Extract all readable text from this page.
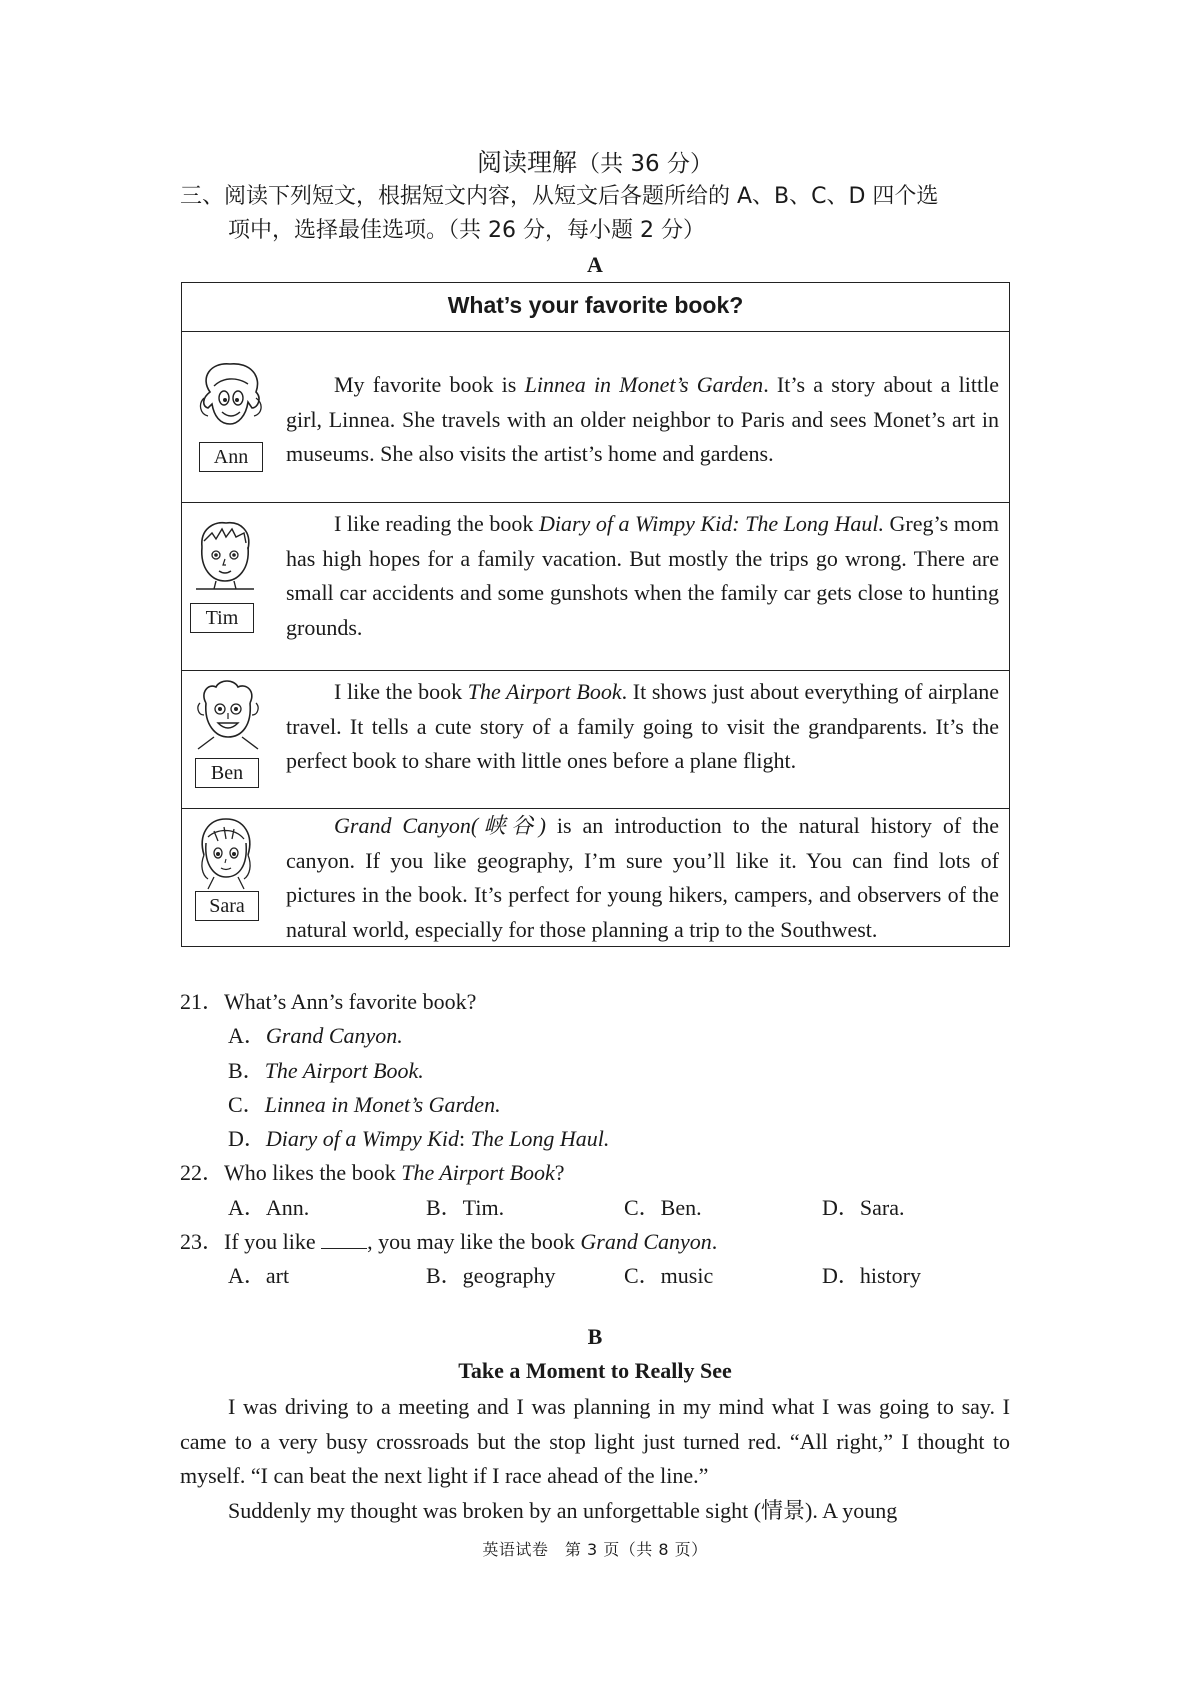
阅读理解（共 36 分）
三、阅读下列短文，根据短文内容，从短文后各题所给的 A、B、C、D 四个选
项中，选择最佳选项。（共 26 分，每小题 2 分）
A
What’s your favorite book?

Ann

My favorite book is Linnea in Monet’s Garden. It’s a story about a little girl, Linnea. She travels with an older neighbor to Paris and sees Monet’s art in museums. She also visits the artist’s home and gardens.

Tim

I like reading the book Diary of a Wimpy Kid: The Long Haul. Greg’s mom has high hopes for a family vacation. But mostly the trips go wrong. There are small car accidents and some gunshots when the family car gets close to hunting grounds.

Ben

I like the book The Airport Book. It shows just about everything of airplane travel. It tells a cute story of a family going to visit the grandparents. It’s the perfect book to share with little ones before a plane flight.

Sara

Grand Canyon(峡谷) is an introduction to the natural history of the canyon. If you like geography, I’m sure you’ll like it. You can find lots of pictures in the book. It’s perfect for young hikers, campers, and observers of the natural world, especially for those planning a trip to the Southwest.

21．What’s Ann’s favorite book?
A．Grand Canyon.
B．The Airport Book.
C．Linnea in Monet’s Garden.
D．Diary of a Wimpy Kid: The Long Haul.
22．Who likes the book The Airport Book?
A．Ann.	B．Tim.	C．Ben.	D．Sara.
23．If you like , you may like the book Grand Canyon.
A．art	B．geography	C．music	D．history
B
Take a Moment to Really See

I was driving to a meeting and I was planning in my mind what I was going to say. I came to a very busy crossroads but the stop light just turned red. “All right,” I thought to myself. “I can beat the next light if I race ahead of the line.”

Suddenly my thought was broken by an unforgettable sight (情景). A young

英语试卷　第 3 页（共 8 页）
